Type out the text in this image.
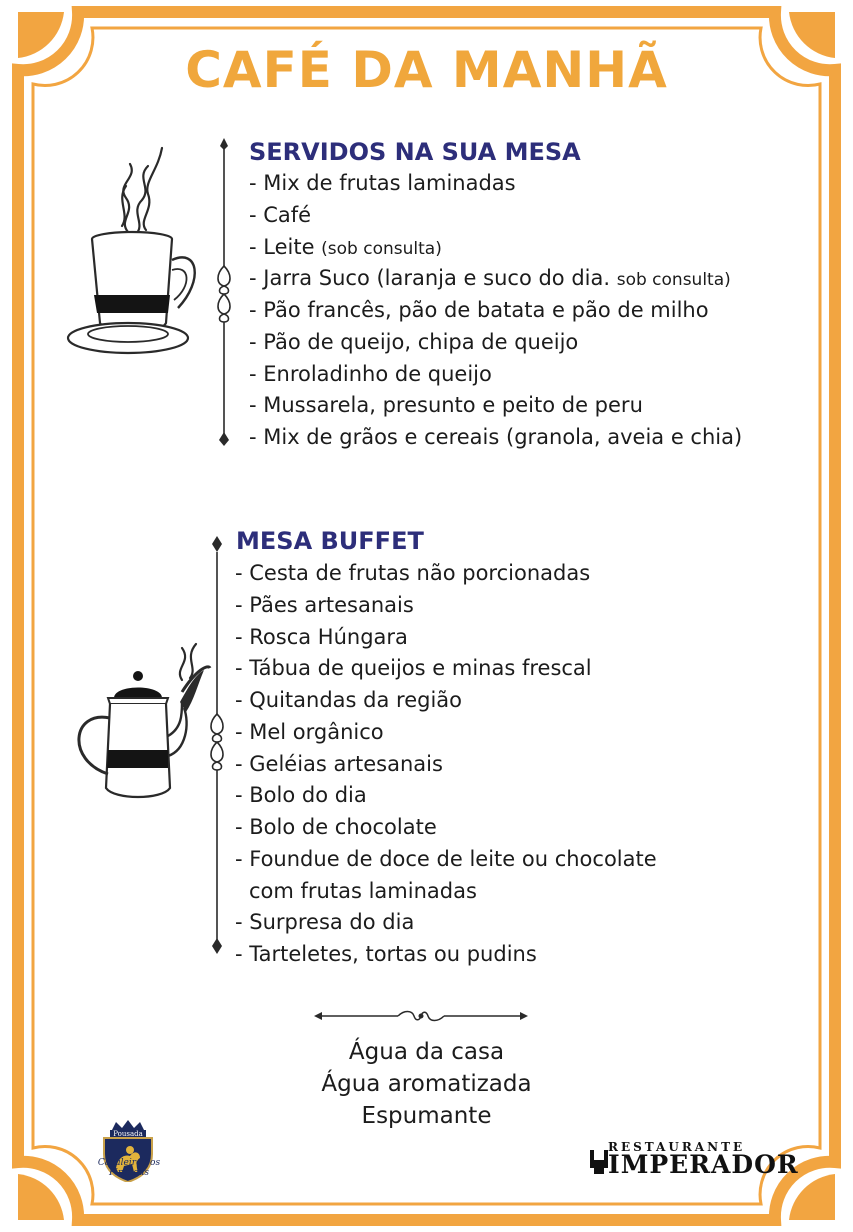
CAFÉ DA MANHÃ
SERVIDOS NA SUA MESA
- Mix de frutas laminadas
- Café
- Leite (sob consulta)
- Jarra Suco (laranja e suco do dia. sob consulta)
- Pão francês, pão de batata e pão de milho
- Pão de queijo, chipa de queijo
- Enroladinho de queijo
- Mussarela, presunto e peito de peru
- Mix de grãos e cereais (granola, aveia e chia)
MESA BUFFET
- Cesta de frutas não porcionadas
- Pães artesanais
- Rosca Húngara
- Tábua de queijos e minas frescal
- Quitandas da região
- Mel orgânico
- Geléias artesanais
- Bolo do dia
- Bolo de chocolate
- Foundue de doce de leite ou chocolate
com frutas laminadas
- Surpresa do dia
- Tarteletes, tortas ou pudins
Água da casa
Água aromatizada
Espumante
Pousada
Cavaleiro dos Pireneus
RESTAURANTE
IMPERADOR
